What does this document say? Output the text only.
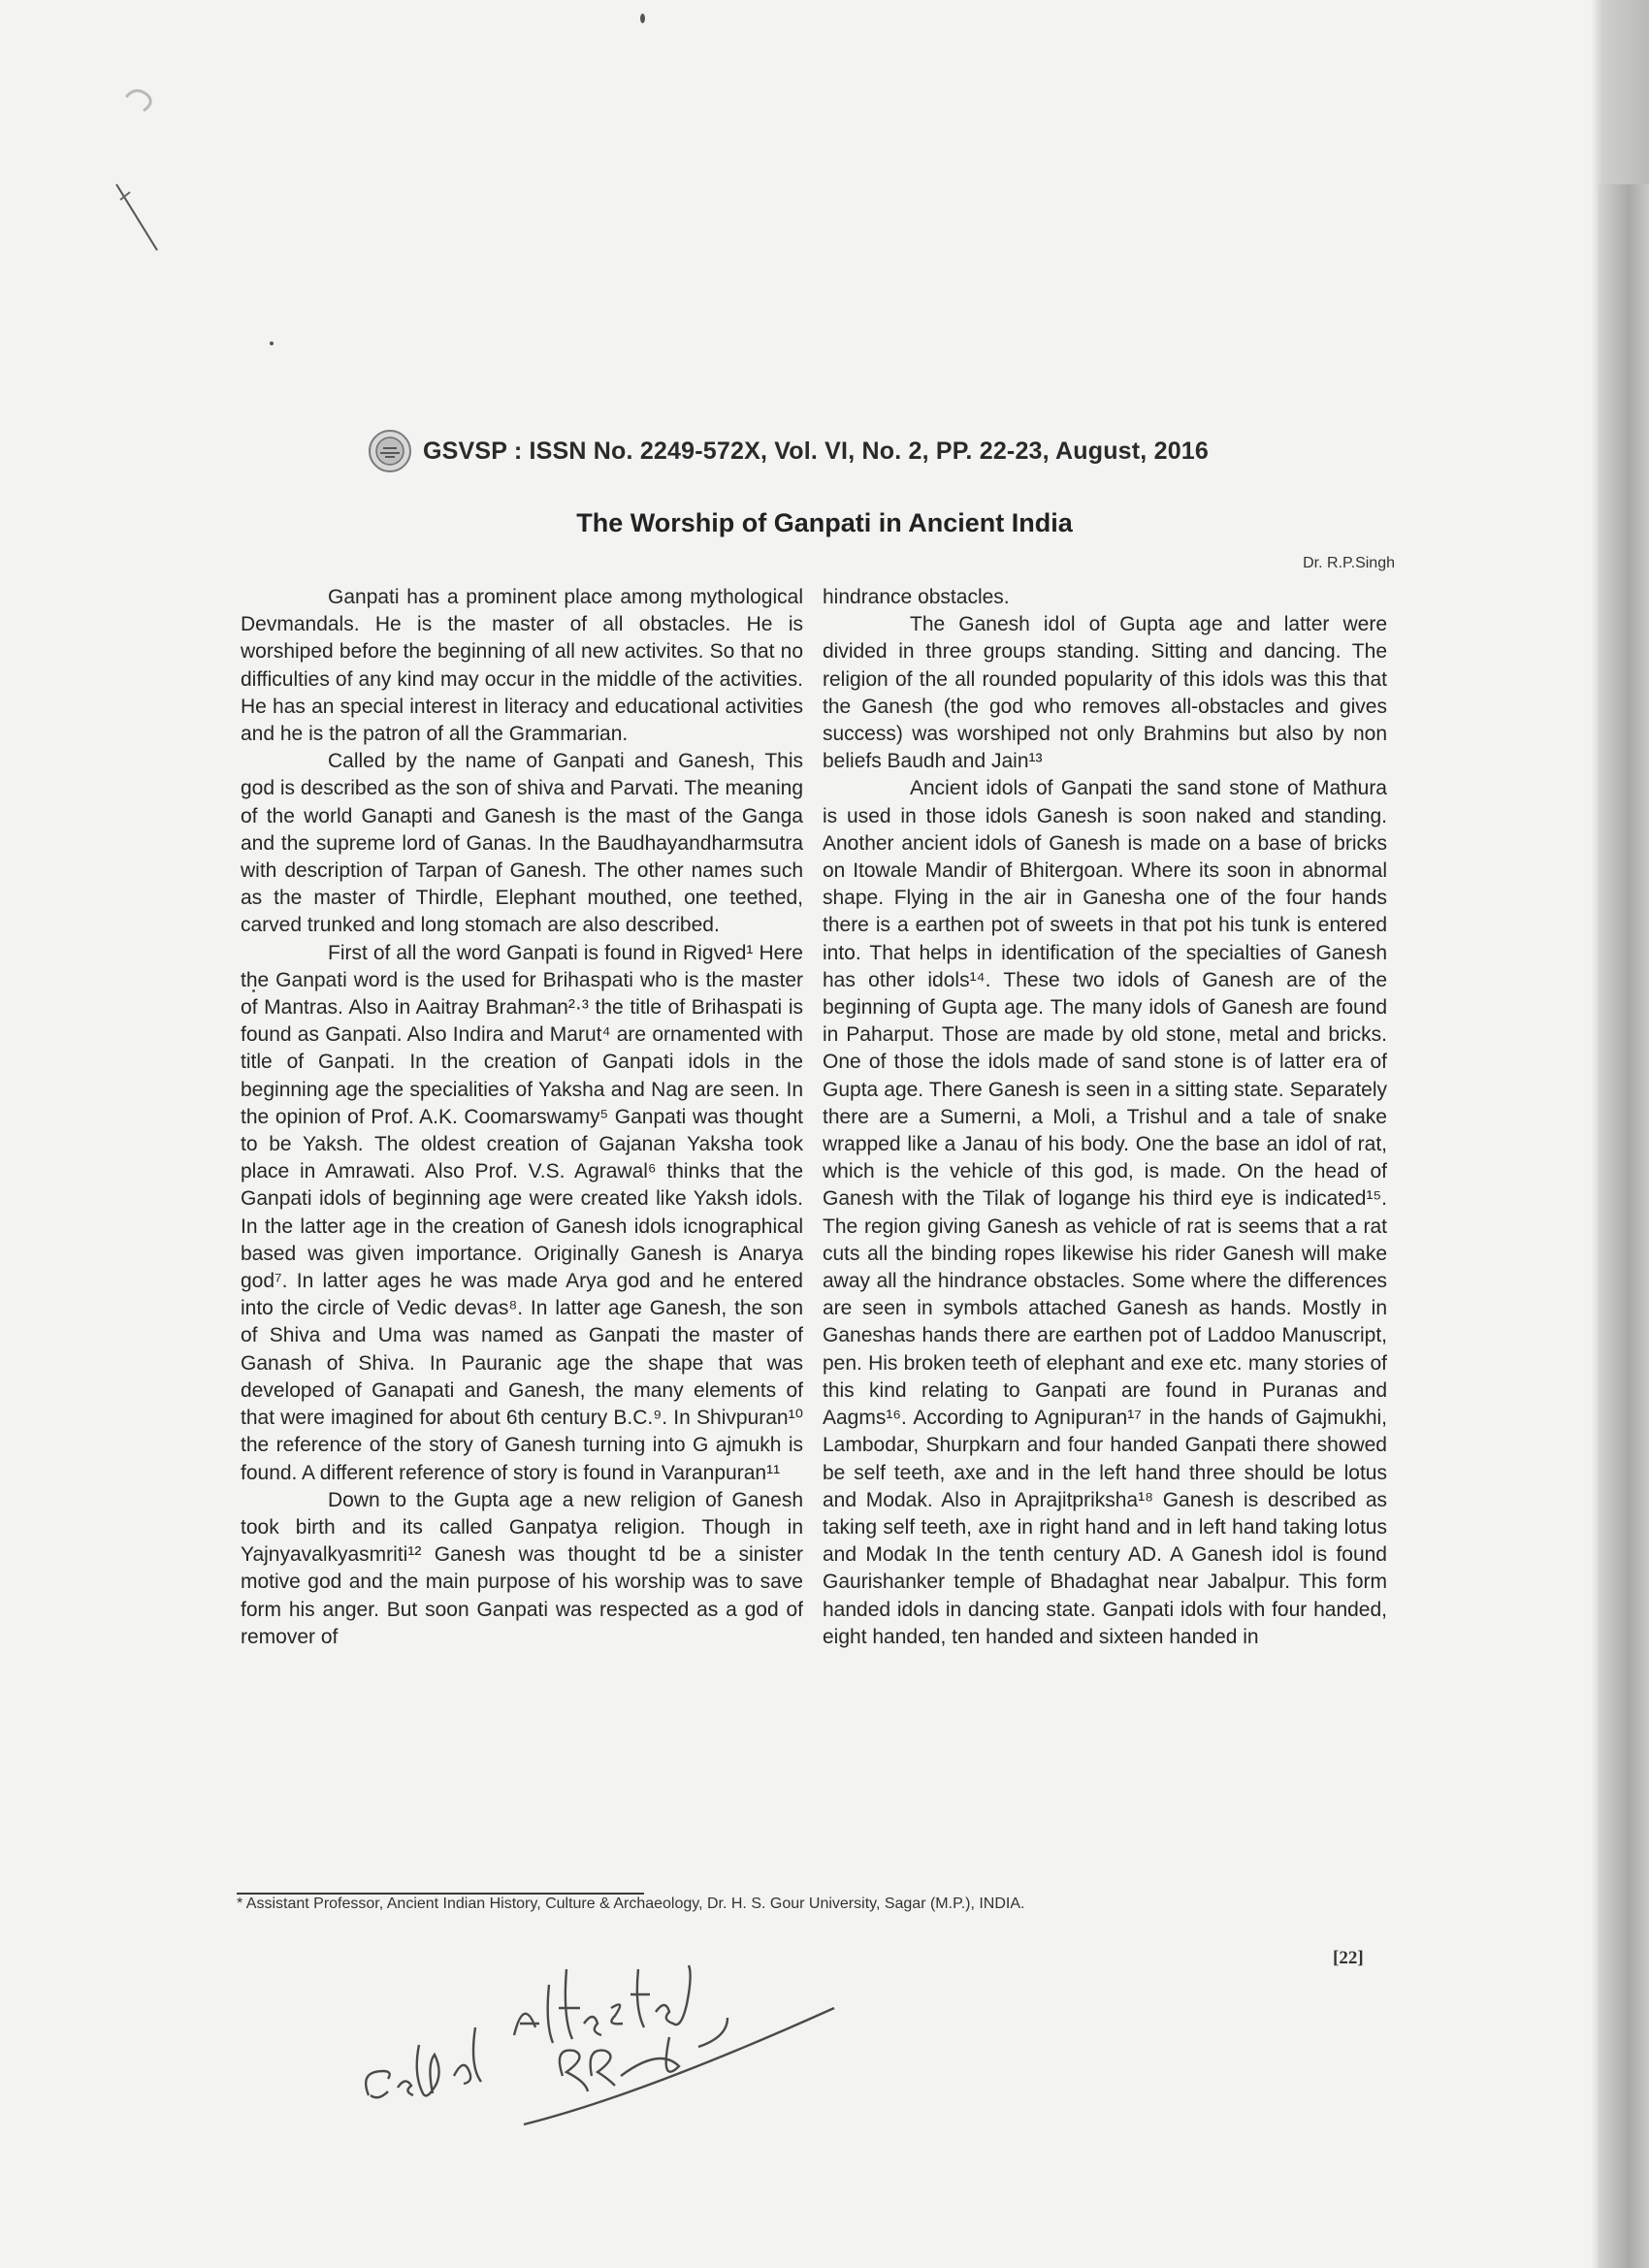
GSVSP : ISSN No. 2249-572X, Vol. VI, No. 2, PP. 22-23, August, 2016
The Worship of Ganpati in Ancient India
Dr. R.P.Singh

Ganpati has a prominent place among mythological Devmandals. He is the master of all obstacles. He is worshiped before the beginning of all new activites. So that no difficulties of any kind may occur in the middle of the activities. He has an special interest in literacy and educational activities and he is the patron of all the Grammarian.

Called by the name of Ganpati and Ganesh, This god is described as the son of shiva and Parvati. The meaning of the world Ganapti and Ganesh is the mast of the Ganga and the supreme lord of Ganas. In the Baudhayandharmsutra with description of Tarpan of Ganesh. The other names such as the master of Thirdle, Elephant mouthed, one teethed, carved trunked and long stomach are also described.

First of all the word Ganpati is found in Rigved¹ Here the Ganpati word is the used for Brihaspati who is the master of Mantras. Also in Aaitray Brahman²·³ the title of Brihaspati is found as Ganpati. Also Indira and Marut⁴ are ornamented with title of Ganpati. In the creation of Ganpati idols in the beginning age the specialities of Yaksha and Nag are seen. In the opinion of Prof. A.K. Coomarswamy⁵ Ganpati was thought to be Yaksh. The oldest creation of Gajanan Yaksha took place in Amrawati. Also Prof. V.S. Agrawal⁶ thinks that the Ganpati idols of beginning age were created like Yaksh idols. In the latter age in the creation of Ganesh idols icnographical based was given importance. Originally Ganesh is Anarya god⁷. In latter ages he was made Arya god and he entered into the circle of Vedic devas⁸. In latter age Ganesh, the son of Shiva and Uma was named as Ganpati the master of Ganash of Shiva. In Pauranic age the shape that was developed of Ganapati and Ganesh, the many elements of that were imagined for about 6th century B.C.⁹. In Shivpuran¹⁰ the reference of the story of Ganesh turning into G ajmukh is found. A different reference of story is found in Varanpuran¹¹

Down to the Gupta age a new religion of Ganesh took birth and its called Ganpatya religion. Though in Yajnyavalkyasmriti¹² Ganesh was thought td be a sinister motive god and the main purpose of his worship was to save form his anger. But soon Ganpati was respected as a god of remover of

hindrance obstacles.

The Ganesh idol of Gupta age and latter were divided in three groups standing. Sitting and dancing. The religion of the all rounded popularity of this idols was this that the Ganesh (the god who removes all-obstacles and gives success) was worshiped not only Brahmins but also by non beliefs Baudh and Jain¹³

Ancient idols of Ganpati the sand stone of Mathura is used in those idols Ganesh is soon naked and standing. Another ancient idols of Ganesh is made on a base of bricks on Itowale Mandir of Bhitergoan. Where its soon in abnormal shape. Flying in the air in Ganesha one of the four hands there is a earthen pot of sweets in that pot his tunk is entered into. That helps in identification of the specialties of Ganesh has other idols¹⁴. These two idols of Ganesh are of the beginning of Gupta age. The many idols of Ganesh are found in Paharput. Those are made by old stone, metal and bricks. One of those the idols made of sand stone is of latter era of Gupta age. There Ganesh is seen in a sitting state. Separately there are a Sumerni, a Moli, a Trishul and a tale of snake wrapped like a Janau of his body. One the base an idol of rat, which is the vehicle of this god, is made. On the head of Ganesh with the Tilak of logange his third eye is indicated¹⁵. The region giving Ganesh as vehicle of rat is seems that a rat cuts all the binding ropes likewise his rider Ganesh will make away all the hindrance obstacles. Some where the differences are seen in symbols attached Ganesh as hands. Mostly in Ganeshas hands there are earthen pot of Laddoo Manuscript, pen. His broken teeth of elephant and exe etc. many stories of this kind relating to Ganpati are found in Puranas and Aagms¹⁶. According to Agnipuran¹⁷ in the hands of Gajmukhi, Lambodar, Shurpkarn and four handed Ganpati there showed be self teeth, axe and in the left hand three should be lotus and Modak. Also in Aprajitpriksha¹⁸ Ganesh is described as taking self teeth, axe in right hand and in left hand taking lotus and Modak In the tenth century AD. A Ganesh idol is found Gaurishanker temple of Bhadaghat near Jabalpur. This form handed idols in dancing state. Ganpati idols with four handed, eight handed, ten handed and sixteen handed in

* Assistant Professor, Ancient Indian History, Culture & Archaeology, Dr. H. S. Gour University, Sagar (M.P.), INDIA.
[22]
